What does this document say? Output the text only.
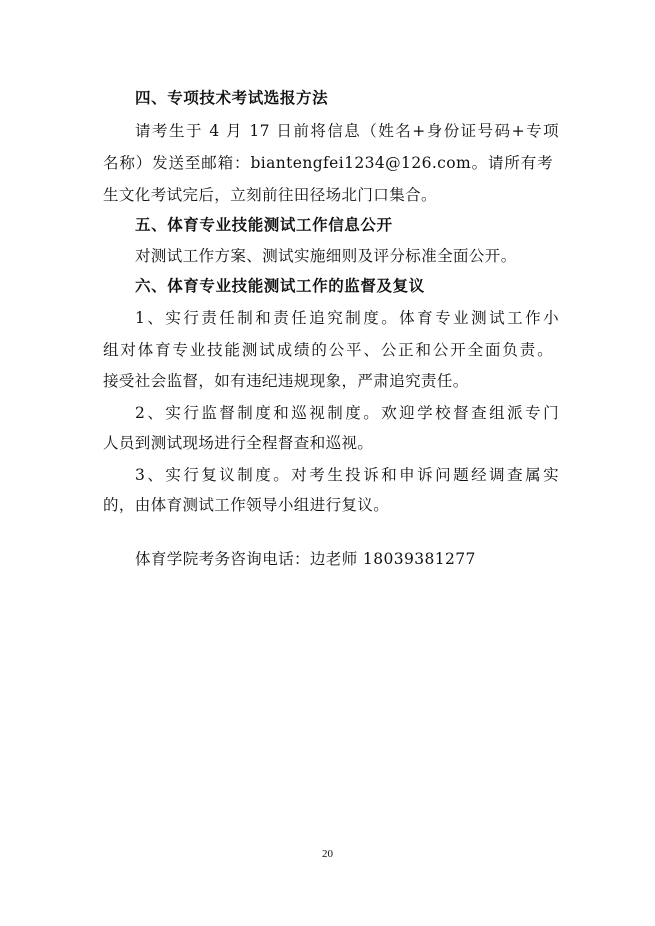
四、专项技术考试选报方法
请考生于 4 月 17 日前将信息（姓名+身份证号码+专项
名称）发送至邮箱：biantengfei1234@126.com。请所有考
生文化考试完后，立刻前往田径场北门口集合。
五、体育专业技能测试工作信息公开
对测试工作方案、测试实施细则及评分标准全面公开。
六、体育专业技能测试工作的监督及复议
1、实行责任制和责任追究制度。体育专业测试工作小
组对体育专业技能测试成绩的公平、公正和公开全面负责。
接受社会监督，如有违纪违规现象，严肃追究责任。
2、实行监督制度和巡视制度。欢迎学校督查组派专门
人员到测试现场进行全程督查和巡视。
3、实行复议制度。对考生投诉和申诉问题经调查属实
的，由体育测试工作领导小组进行复议。
体育学院考务咨询电话：边老师 18039381277
20
